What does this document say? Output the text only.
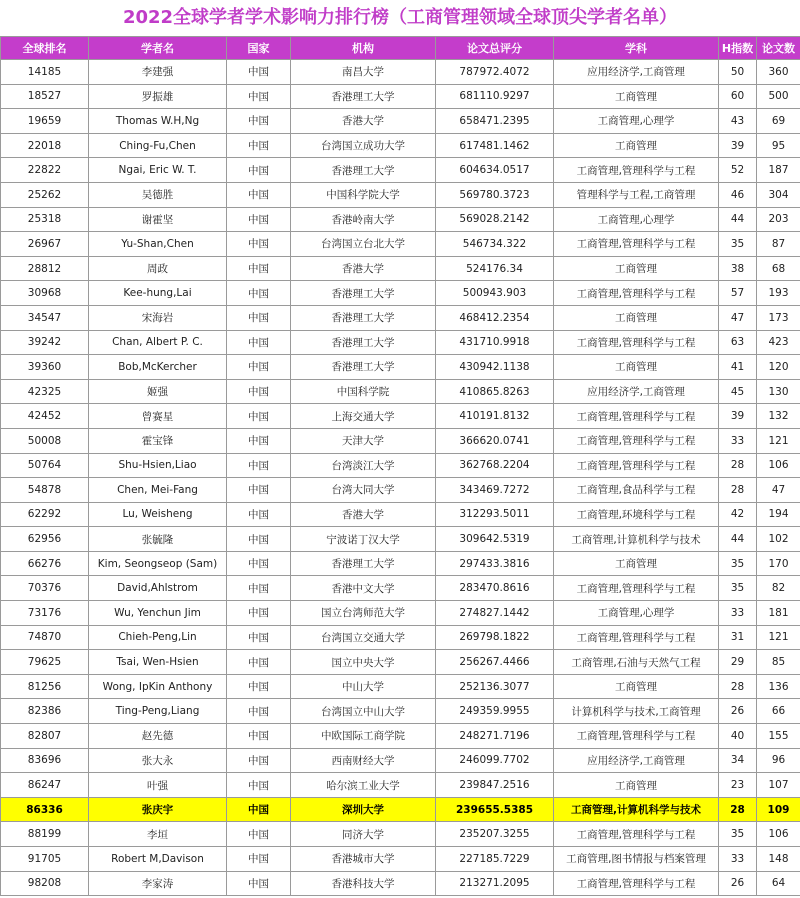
2022全球学者学术影响力排行榜（工商管理领域全球顶尖学者名单）
全球排名	学者名	国家	机构	论文总评分	学科	H指数	论文数
14185	李建强	中国	南昌大学	787972.4072	应用经济学,工商管理	50	360
18527	罗振雄	中国	香港理工大学	681110.9297	工商管理	60	500
19659	Thomas W.H,Ng	中国	香港大学	658471.2395	工商管理,心理学	43	69
22018	Ching-Fu,Chen	中国	台湾国立成功大学	617481.1462	工商管理	39	95
22822	Ngai, Eric W. T.	中国	香港理工大学	604634.0517	工商管理,管理科学与工程	52	187
25262	吴德胜	中国	中国科学院大学	569780.3723	管理科学与工程,工商管理	46	304
25318	谢霍坚	中国	香港岭南大学	569028.2142	工商管理,心理学	44	203
26967	Yu-Shan,Chen	中国	台湾国立台北大学	546734.322	工商管理,管理科学与工程	35	87
28812	周政	中国	香港大学	524176.34	工商管理	38	68
30968	Kee-hung,Lai	中国	香港理工大学	500943.903	工商管理,管理科学与工程	57	193
34547	宋海岩	中国	香港理工大学	468412.2354	工商管理	47	173
39242	Chan, Albert P. C.	中国	香港理工大学	431710.9918	工商管理,管理科学与工程	63	423
39360	Bob,McKercher	中国	香港理工大学	430942.1138	工商管理	41	120
42325	姬强	中国	中国科学院	410865.8263	应用经济学,工商管理	45	130
42452	曾赛星	中国	上海交通大学	410191.8132	工商管理,管理科学与工程	39	132
50008	霍宝锋	中国	天津大学	366620.0741	工商管理,管理科学与工程	33	121
50764	Shu-Hsien,Liao	中国	台湾淡江大学	362768.2204	工商管理,管理科学与工程	28	106
54878	Chen, Mei-Fang	中国	台湾大同大学	343469.7272	工商管理,食品科学与工程	28	47
62292	Lu, Weisheng	中国	香港大学	312293.5011	工商管理,环境科学与工程	42	194
62956	张毓隆	中国	宁波诺丁汉大学	309642.5319	工商管理,计算机科学与技术	44	102
66276	Kim, Seongseop (Sam)	中国	香港理工大学	297433.3816	工商管理	35	170
70376	David,Ahlstrom	中国	香港中文大学	283470.8616	工商管理,管理科学与工程	35	82
73176	Wu, Yenchun Jim	中国	国立台湾师范大学	274827.1442	工商管理,心理学	33	181
74870	Chieh-Peng,Lin	中国	台湾国立交通大学	269798.1822	工商管理,管理科学与工程	31	121
79625	Tsai, Wen-Hsien	中国	国立中央大学	256267.4466	工商管理,石油与天然气工程	29	85
81256	Wong, IpKin Anthony	中国	中山大学	252136.3077	工商管理	28	136
82386	Ting-Peng,Liang	中国	台湾国立中山大学	249359.9955	计算机科学与技术,工商管理	26	66
82807	赵先德	中国	中欧国际工商学院	248271.7196	工商管理,管理科学与工程	40	155
83696	张大永	中国	西南财经大学	246099.7702	应用经济学,工商管理	34	96
86247	叶强	中国	哈尔滨工业大学	239847.2516	工商管理	23	107
86336	张庆宇	中国	深圳大学	239655.5385	工商管理,计算机科学与技术	28	109
88199	李垣	中国	同济大学	235207.3255	工商管理,管理科学与工程	35	106
91705	Robert M,Davison	中国	香港城市大学	227185.7229	工商管理,图书情报与档案管理	33	148
98208	李家涛	中国	香港科技大学	213271.2095	工商管理,管理科学与工程	26	64
